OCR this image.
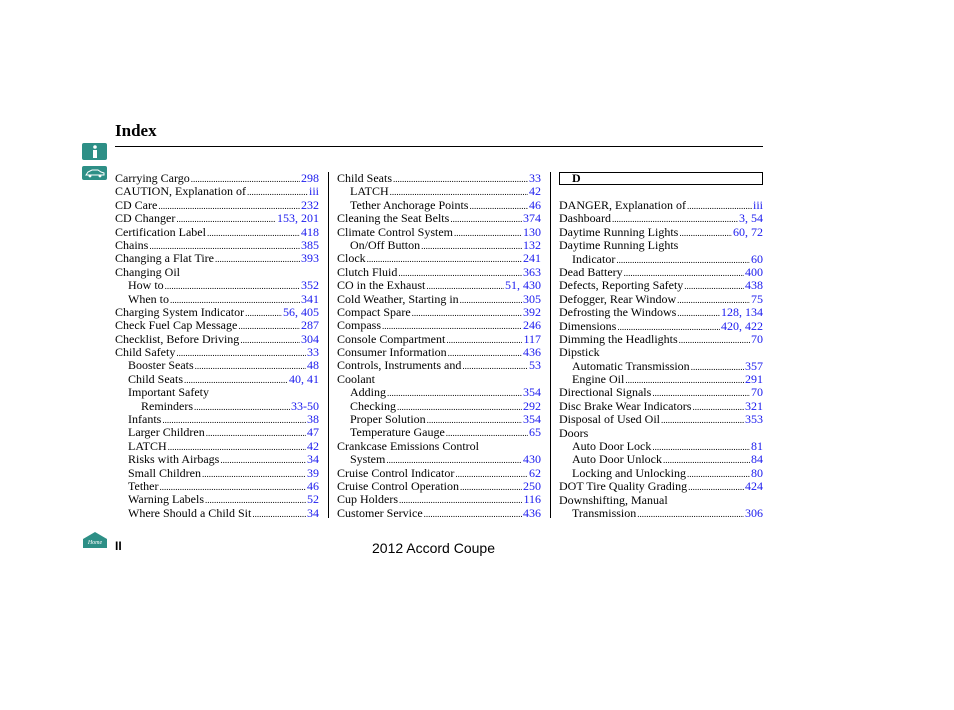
Index
Carrying Cargo .....	298
CAUTION, Explanation of .....	iii
CD Care .....	232
CD Changer .....	153, 201
Certification Label .....	418
Chains .....	385
Changing a Flat Tire .....	393
Changing Oil
How to .....	352
When to .....	341
Charging System Indicator .....	56, 405
Check Fuel Cap Message .....	287
Checklist, Before Driving .....	304
Child Safety .....	33
Booster Seats .....	48
Child Seats .....	40, 41
Important Safety
Reminders .....	33-50
Infants .....	38
Larger Children .....	47
LATCH .....	42
Risks with Airbags .....	34
Small Children .....	39
Tether .....	46
Warning Labels .....	52
Where Should a Child Sit .....	34
Child Seats .....	33
LATCH .....	42
Tether Anchorage Points .....	46
Cleaning the Seat Belts .....	374
Climate Control System .....	130
On/Off Button .....	132
Clock .....	241
Clutch Fluid .....	363
CO in the Exhaust .....	51, 430
Cold Weather, Starting in .....	305
Compact Spare .....	392
Compass .....	246
Console Compartment .....	117
Consumer Information .....	436
Controls, Instruments and .....	53
Coolant
Adding .....	354
Checking .....	292
Proper Solution .....	354
Temperature Gauge .....	65
Crankcase Emissions Control
System .....	430
Cruise Control Indicator .....	62
Cruise Control Operation .....	250
Cup Holders .....	116
Customer Service .....	436
D
DANGER, Explanation of .....	iii
Dashboard .....	3, 54
Daytime Running Lights .....	60, 72
Daytime Running Lights
Indicator .....	60
Dead Battery .....	400
Defects, Reporting Safety .....	438
Defogger, Rear Window .....	75
Defrosting the Windows .....	128, 134
Dimensions .....	420, 422
Dimming the Headlights .....	70
Dipstick
Automatic Transmission .....	357
Engine Oil .....	291
Directional Signals .....	70
Disc Brake Wear Indicators .....	321
Disposal of Used Oil .....	353
Doors
Auto Door Lock .....	81
Auto Door Unlock .....	84
Locking and Unlocking .....	80
DOT Tire Quality Grading .....	424
Downshifting, Manual
Transmission .....	306
Home II	2012 Accord Coupe
